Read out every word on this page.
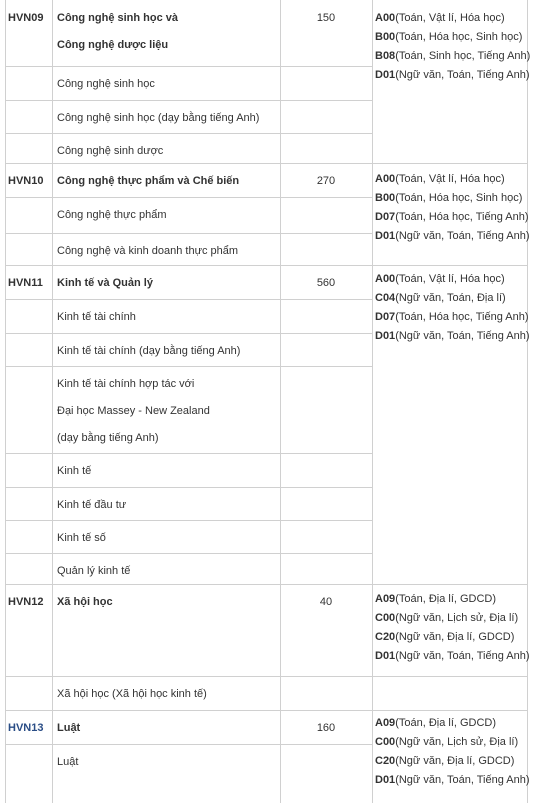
HVN09 Công nghệ sinh học và
Công nghệ dược liệu
150	A00(Toán, Vật lí, Hóa học)
B00(Toán, Hóa học, Sinh học)
B08(Toán, Sinh học, Tiếng Anh)
D01(Ngữ văn, Toán, Tiếng Anh)
Công nghệ sinh học
Công nghệ sinh học (dạy bằng tiếng Anh)
Công nghệ sinh dược
HVN10 Công nghệ thực phẩm và Chế biến	270	A00(Toán, Vật lí, Hóa học)
B00(Toán, Hóa học, Sinh học)
D07(Toán, Hóa học, Tiếng Anh)
D01(Ngữ văn, Toán, Tiếng Anh)
Công nghệ thực phẩm
Công nghệ và kinh doanh thực phẩm
HVN11 Kinh tế và Quản lý	560	A00(Toán, Vật lí, Hóa học)
C04(Ngữ văn, Toán, Địa lí)
D07(Toán, Hóa học, Tiếng Anh)
D01(Ngữ văn, Toán, Tiếng Anh)
Kinh tế tài chính
Kinh tế tài chính (dạy bằng tiếng Anh)
Kinh tế tài chính hợp tác với
Đại học Massey - New Zealand
(dạy bằng tiếng Anh)
Kinh tế
Kinh tế đầu tư
Kinh tế số
Quản lý kinh tế
HVN12 Xã hội học	40	A09(Toán, Địa lí, GDCD)
C00(Ngữ văn, Lịch sử, Địa lí)
C20(Ngữ văn, Địa lí, GDCD)
D01(Ngữ văn, Toán, Tiếng Anh)
Xã hội học (Xã hội học kinh tế)
HVN13 Luật	160	A09(Toán, Địa lí, GDCD)
C00(Ngữ văn, Lịch sử, Địa lí)
C20(Ngữ văn, Địa lí, GDCD)
D01(Ngữ văn, Toán, Tiếng Anh)
Luật
